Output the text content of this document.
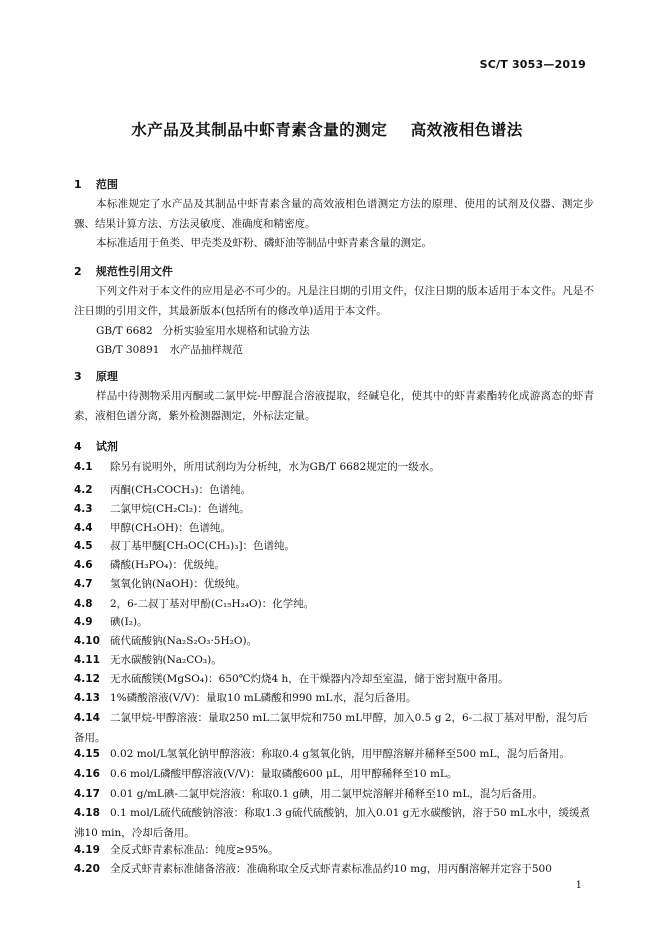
SC/T 3053—2019
水产品及其制品中虾青素含量的测定    高效液相色谱法
1 范围
本标准规定了水产品及其制品中虾青素含量的高效液相色谱测定方法的原理、使用的试剂及仪器、测定步骤、结果计算方法、方法灵敏度、准确度和精密度。
本标准适用于鱼类、甲壳类及虾粉、磷虾油等制品中虾青素含量的测定。
2 规范性引用文件
下列文件对于本文件的应用是必不可少的。凡是注日期的引用文件，仅注日期的版本适用于本文件。凡是不注日期的引用文件，其最新版本(包括所有的修改单)适用于本文件。
GB/T 6682   分析实验室用水规格和试验方法
GB/T 30891   水产品抽样规范
3 原理
样品中待测物采用丙酮或二氯甲烷-甲醇混合溶液提取，经碱皂化，使其中的虾青素酯转化成游离态的虾青素，液相色谱分离，紫外检测器测定，外标法定量。
4 试剂
4.1 除另有说明外，所用试剂均为分析纯，水为GB/T 6682规定的一级水。
4.2 丙酮(CH₃COCH₃)：色谱纯。
4.3 二氯甲烷(CH₂Cl₂)：色谱纯。
4.4 甲醇(CH₃OH)：色谱纯。
4.5 叔丁基甲醚[CH₃OC(CH₃)₃]：色谱纯。
4.6 磷酸(H₃PO₄)：优级纯。
4.7 氢氧化钠(NaOH)：优级纯。
4.8 2，6-二叔丁基对甲酚(C₁₅H₂₄O)：化学纯。
4.9 碘(I₂)。
4.10 硫代硫酸钠(Na₂S₂O₃·5H₂O)。
4.11 无水碳酸钠(Na₂CO₃)。
4.12 无水硫酸镁(MgSO₄)：650℃灼烧4 h，在干燥器内冷却至室温，储于密封瓶中备用。
4.13 1%磷酸溶液(V/V)：量取10 mL磷酸和990 mL水，混匀后备用。
4.14 二氯甲烷-甲醇溶液：量取250 mL二氯甲烷和750 mL甲醇，加入0.5 g 2，6-二叔丁基对甲酚，混匀后备用。
4.15 0.02 mol/L氢氧化钠甲醇溶液：称取0.4 g氢氧化钠，用甲醇溶解并稀释至500 mL，混匀后备用。
4.16 0.6 mol/L磷酸甲醇溶液(V/V)：量取磷酸600 μL，用甲醇稀释至10 mL。
4.17 0.01 g/mL碘-二氯甲烷溶液：称取0.1 g碘，用二氯甲烷溶解并稀释至10 mL，混匀后备用。
4.18 0.1 mol/L硫代硫酸钠溶液：称取1.3 g硫代硫酸钠，加入0.01 g无水碳酸钠，溶于50 mL水中，缓缓煮沸10 min，冷却后备用。
4.19 全反式虾青素标准品：纯度≥95%。
4.20 全反式虾青素标准储备溶液：准确称取全反式虾青素标准品约10 mg，用丙酮溶解并定容于500
1
